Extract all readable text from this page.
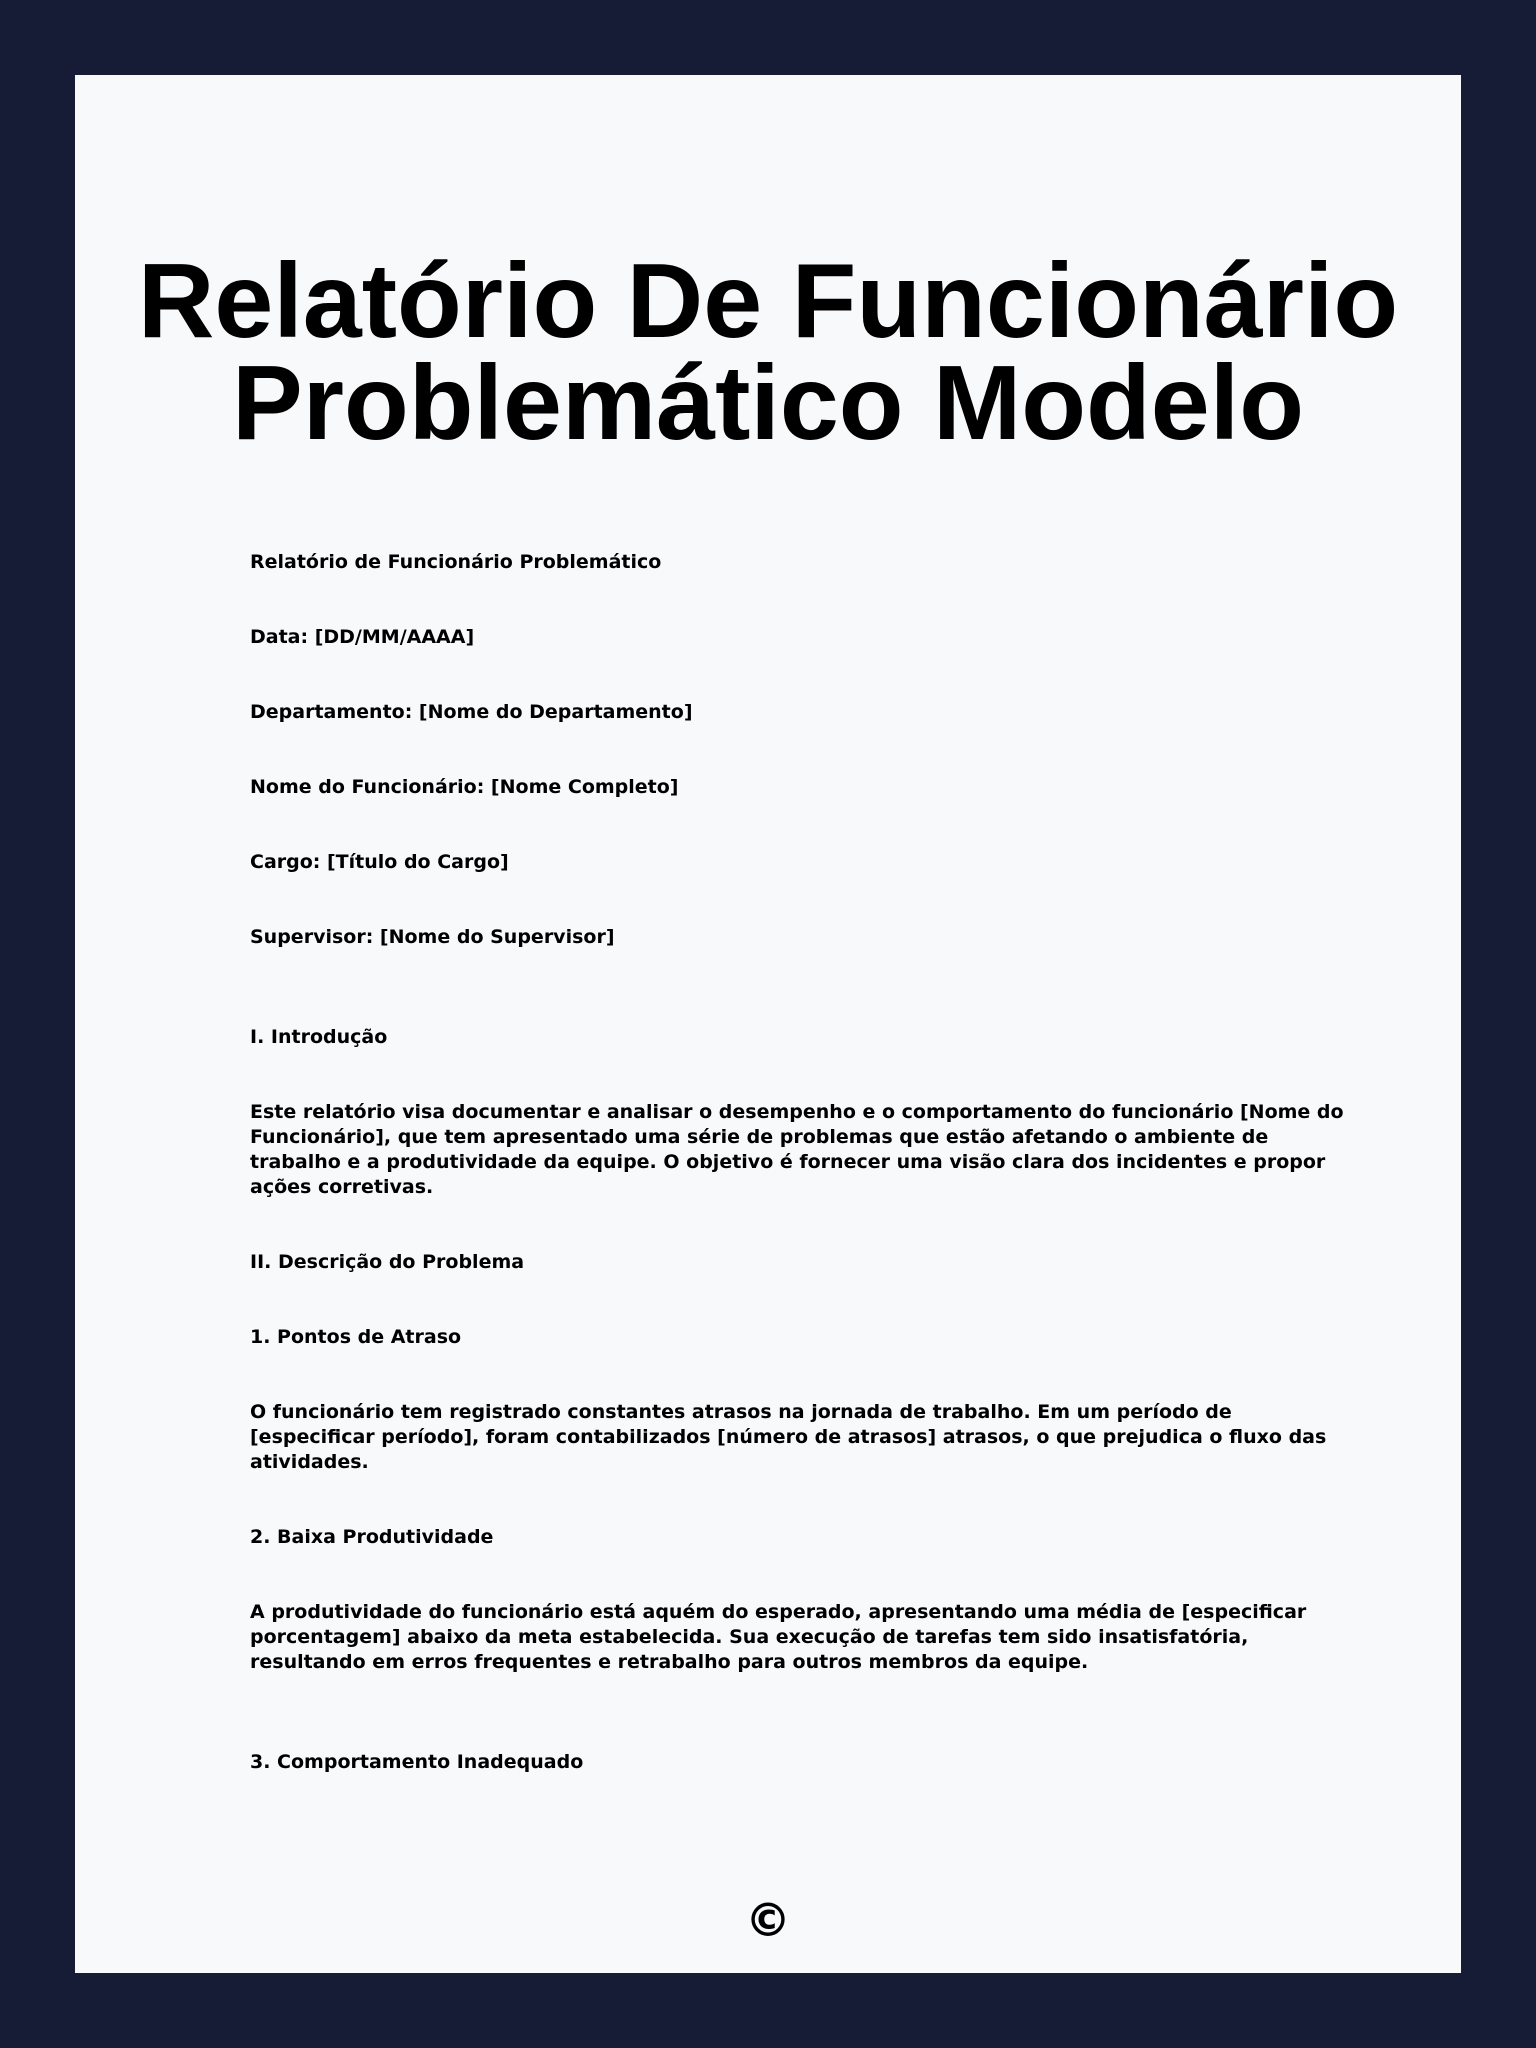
Relatório De Funcionário Problemático Modelo

Relatório de Funcionário Problemático

Data: [DD/MM/AAAA]

Departamento: [Nome do Departamento]

Nome do Funcionário: [Nome Completo]

Cargo: [Título do Cargo]

Supervisor: [Nome do Supervisor]

I. Introdução

Este relatório visa documentar e analisar o desempenho e o comportamento do funcionário [Nome do Funcionário], que tem apresentado uma série de problemas que estão afetando o ambiente de trabalho e a produtividade da equipe. O objetivo é fornecer uma visão clara dos incidentes e propor ações corretivas.

II. Descrição do Problema

1. Pontos de Atraso

O funcionário tem registrado constantes atrasos na jornada de trabalho. Em um período de [especificar período], foram contabilizados [número de atrasos] atrasos, o que prejudica o fluxo das atividades.

2. Baixa Produtividade

A produtividade do funcionário está aquém do esperado, apresentando uma média de [especificar porcentagem] abaixo da meta estabelecida. Sua execução de tarefas tem sido insatisfatória, resultando em erros frequentes e retrabalho para outros membros da equipe.

3. Comportamento Inadequado

©
